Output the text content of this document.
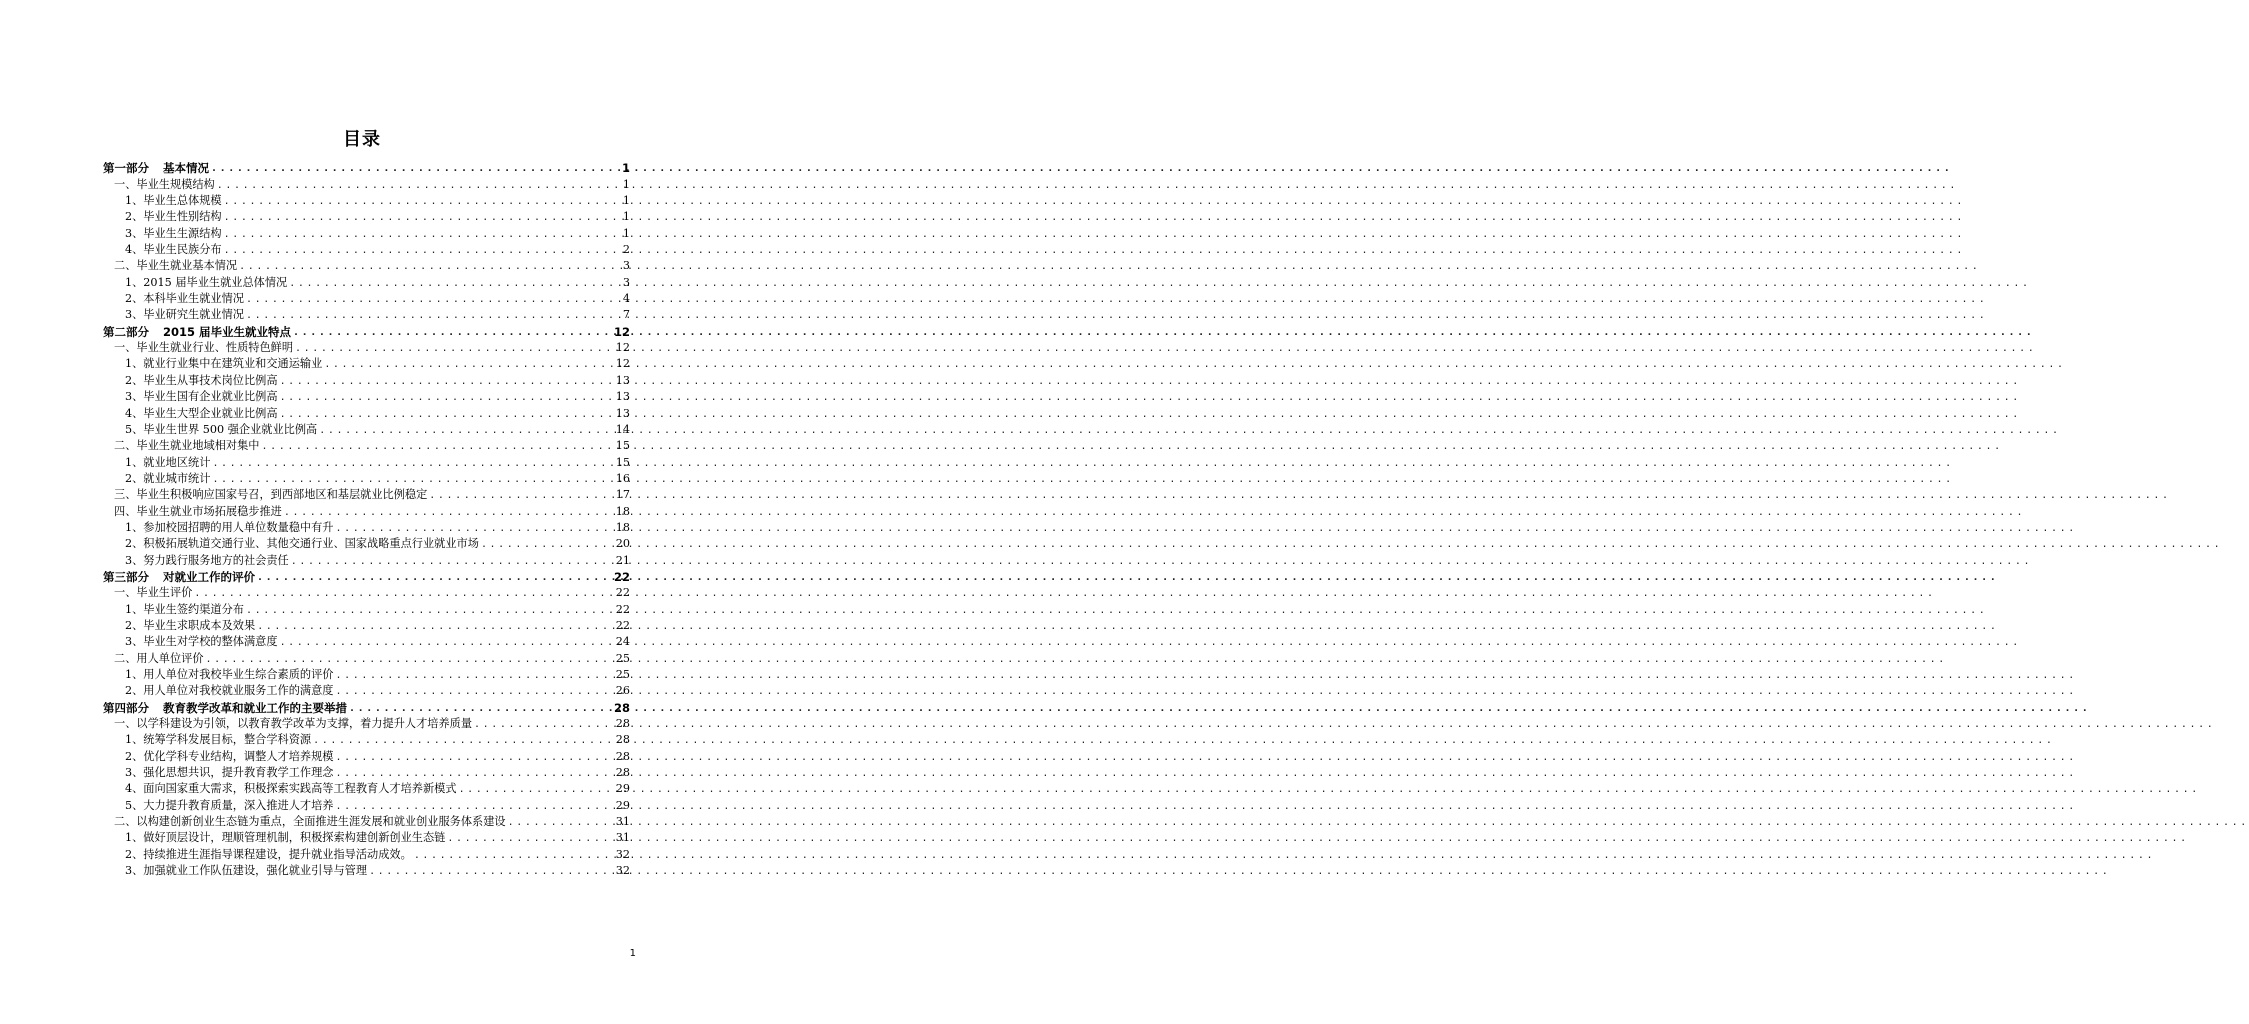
目录
第一部分 基本情况 .....	1
一、毕业生规模结构 .....	1
1、毕业生总体规模 .....	1
2、毕业生性别结构 .....	1
3、毕业生生源结构 .....	1
4、毕业生民族分布 .....	2
二、毕业生就业基本情况 .....	3
1、2015 届毕业生就业总体情况 .....	3
2、本科毕业生就业情况 .....	4
3、毕业研究生就业情况 .....	7
第二部分 2015 届毕业生就业特点 .....	12
一、毕业生就业行业、性质特色鲜明 .....	12
1、就业行业集中在建筑业和交通运输业 .....	12
2、毕业生从事技术岗位比例高 .....	13
3、毕业生国有企业就业比例高 .....	13
4、毕业生大型企业就业比例高 .....	13
5、毕业生世界 500 强企业就业比例高 .....	14
二、毕业生就业地域相对集中 .....	15
1、就业地区统计 .....	15
2、就业城市统计 .....	16
三、毕业生积极响应国家号召，到西部地区和基层就业比例稳定 .....	17
四、毕业生就业市场拓展稳步推进 .....	18
1、参加校园招聘的用人单位数量稳中有升 .....	18
2、积极拓展轨道交通行业、其他交通行业、国家战略重点行业就业市场 .....	20
3、努力践行服务地方的社会责任 .....	21
第三部分 对就业工作的评价 .....	22
一、毕业生评价 .....	22
1、毕业生签约渠道分布 .....	22
2、毕业生求职成本及效果 .....	22
3、毕业生对学校的整体满意度 .....	24
二、用人单位评价 .....	25
1、用人单位对我校毕业生综合素质的评价 .....	25
2、用人单位对我校就业服务工作的满意度 .....	26
第四部分 教育教学改革和就业工作的主要举措 .....	28
一、以学科建设为引领，以教育教学改革为支撑，着力提升人才培养质量 .....	28
1、统筹学科发展目标，整合学科资源 .....	28
2、优化学科专业结构，调整人才培养规模 .....	28
3、强化思想共识，提升教育教学工作理念 .....	28
4、面向国家重大需求，积极探索实践高等工程教育人才培养新模式 .....	29
5、大力提升教育质量，深入推进人才培养 .....	29
二、以构建创新创业生态链为重点，全面推进生涯发展和就业创业服务体系建设 .....	31
1、做好顶层设计，理顺管理机制，积极探索构建创新创业生态链 .....	31
2、持续推进生涯指导课程建设，提升就业指导活动成效。 .....	32
3、加强就业工作队伍建设，强化就业引导与管理 .....	32
1
